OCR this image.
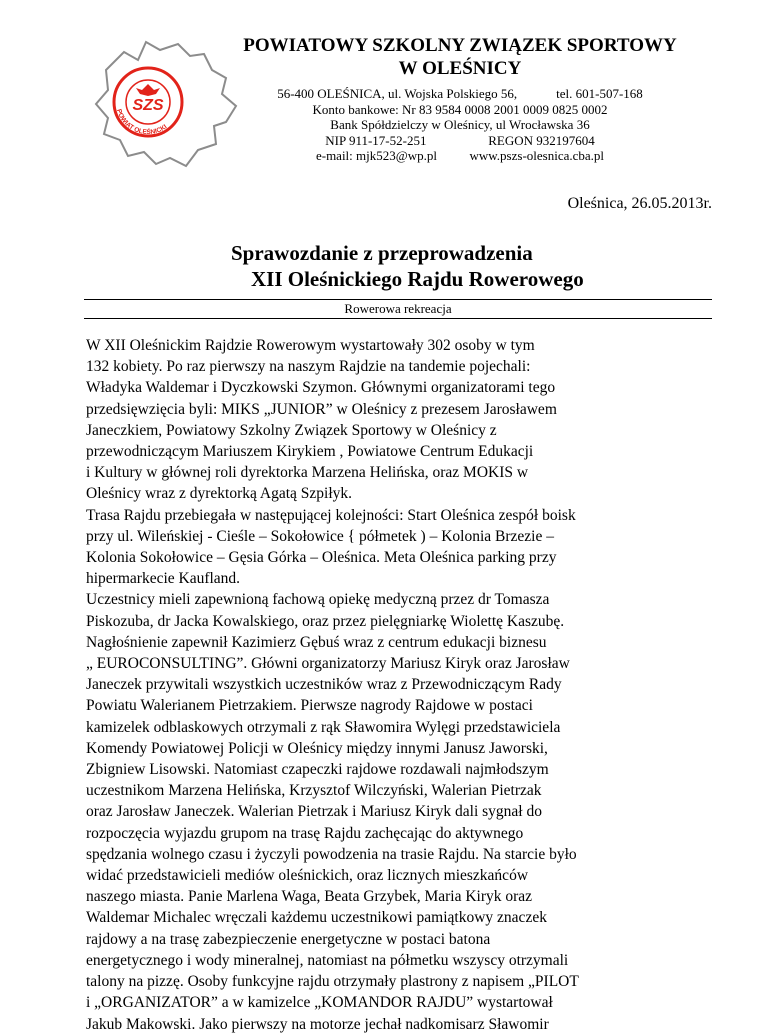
SZS
POWIAT OLEŚNICKI

POWIATOWY SZKOLNY ZWIĄZEK SPORTOWY

W OLEŚNICY

56-400 OLEŚNICA, ul. Wojska Polskiego 56,            tel. 601-507-168
Konto bankowe: Nr 83 9584 0008 2001 0009 0825 0002
Bank Spółdzielczy w Oleśnicy, ul Wrocławska 36
NIP 911-17-52-251                   REGON 932197604
e-mail: mjk523@wp.pl          www.pszs-olesnica.cba.pl
Oleśnica, 26.05.2013r.
Sprawozdanie z przeprowadzenia
XII Oleśnickiego Rajdu Rowerowego
Rowerowa rekreacja
W XII Oleśnickim Rajdzie Rowerowym wystartowały 302 osoby w tym
132 kobiety. Po raz pierwszy na naszym Rajdzie na tandemie pojechali:
Władyka Waldemar i Dyczkowski Szymon. Głównymi organizatorami tego
przedsięwzięcia byli: MIKS „JUNIOR” w Oleśnicy z prezesem Jarosławem
Janeczkiem, Powiatowy Szkolny Związek Sportowy w Oleśnicy z
przewodniczącym Mariuszem Kirykiem , Powiatowe Centrum Edukacji
i Kultury w głównej roli dyrektorka Marzena Helińska, oraz MOKIS w
Oleśnicy wraz z dyrektorką Agatą Szpiłyk.
Trasa Rajdu przebiegała w następującej kolejności: Start Oleśnica zespół boisk
przy ul. Wileńskiej - Cieśle – Sokołowice { półmetek ) – Kolonia Brzezie –
Kolonia Sokołowice – Gęsia Górka – Oleśnica. Meta Oleśnica parking przy
hipermarkecie Kaufland.
Uczestnicy mieli zapewnioną fachową opiekę medyczną przez dr Tomasza
Piskozuba, dr Jacka Kowalskiego, oraz przez pielęgniarkę Wiolettę Kaszubę.
Nagłośnienie zapewnił Kazimierz Gębuś wraz z centrum edukacji biznesu
„ EUROCONSULTING”. Główni organizatorzy Mariusz Kiryk oraz Jarosław
Janeczek przywitali wszystkich uczestników wraz z Przewodniczącym Rady
Powiatu Walerianem Pietrzakiem. Pierwsze nagrody Rajdowe w postaci
kamizelek odblaskowych otrzymali z rąk Sławomira Wylęgi przedstawiciela
Komendy Powiatowej Policji w Oleśnicy między innymi Janusz Jaworski,
Zbigniew Lisowski. Natomiast czapeczki rajdowe rozdawali najmłodszym
uczestnikom Marzena Helińska, Krzysztof Wilczyński, Walerian Pietrzak
oraz Jarosław Janeczek. Walerian Pietrzak i Mariusz Kiryk dali sygnał do
rozpoczęcia wyjazdu grupom na trasę Rajdu zachęcając do aktywnego
spędzania wolnego czasu i życzyli powodzenia na trasie Rajdu. Na starcie było
widać przedstawicieli mediów oleśnickich, oraz licznych mieszkańców
naszego miasta. Panie Marlena Waga, Beata Grzybek, Maria Kiryk oraz
Waldemar Michalec wręczali każdemu uczestnikowi pamiątkowy znaczek
rajdowy a na trasę zabezpieczenie energetyczne w postaci batona
energetycznego i wody mineralnej, natomiast na półmetku wszyscy otrzymali
talony na pizzę. Osoby funkcyjne rajdu otrzymały plastrony z napisem „PILOT
i „ORGANIZATOR” a w kamizelce „KOMANDOR RAJDU” wystartował
Jakub Makowski. Jako pierwszy na motorze jechał nadkomisarz Sławomir
